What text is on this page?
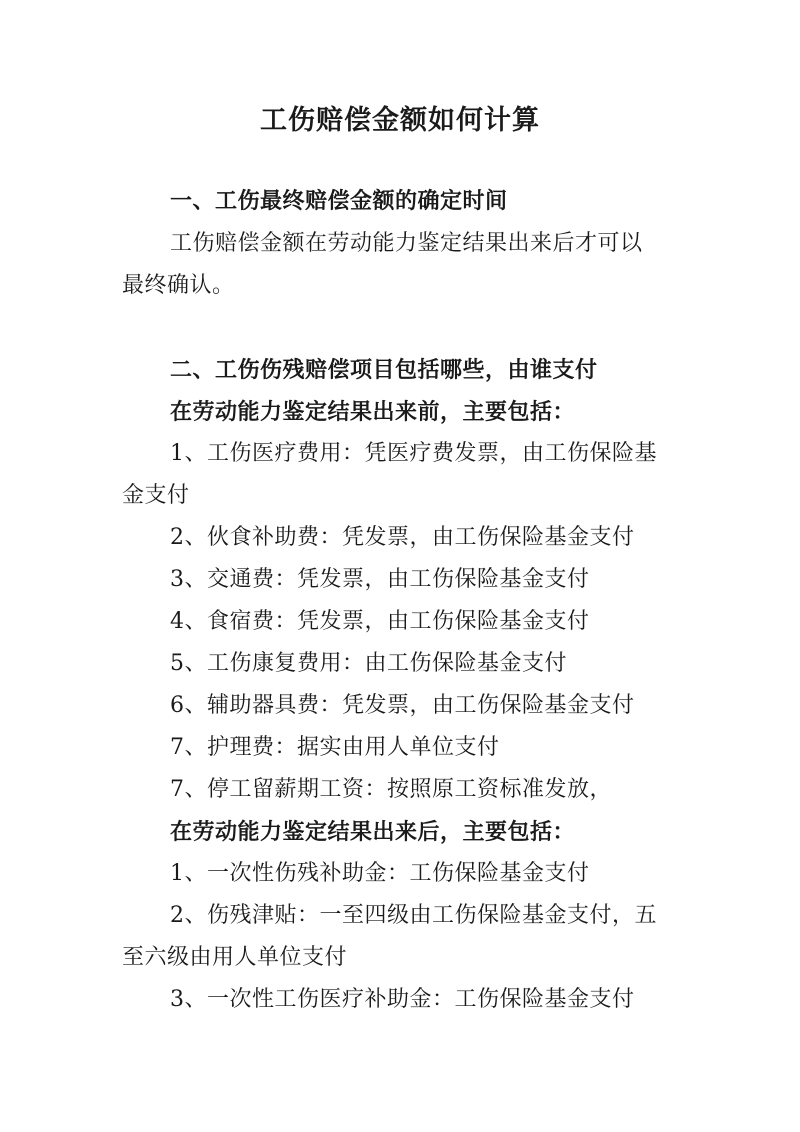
工伤赔偿金额如何计算
一、工伤最终赔偿金额的确定时间
工伤赔偿金额在劳动能力鉴定结果出来后才可以
最终确认。
二、工伤伤残赔偿项目包括哪些，由谁支付
在劳动能力鉴定结果出来前，主要包括：
1、工伤医疗费用：凭医疗费发票，由工伤保险基
金支付
2、伙食补助费：凭发票，由工伤保险基金支付
3、交通费：凭发票，由工伤保险基金支付
4、食宿费：凭发票，由工伤保险基金支付
5、工伤康复费用：由工伤保险基金支付
6、辅助器具费：凭发票，由工伤保险基金支付
7、护理费：据实由用人单位支付
7、停工留薪期工资：按照原工资标准发放，
在劳动能力鉴定结果出来后，主要包括：
1、一次性伤残补助金：工伤保险基金支付
2、伤残津贴：一至四级由工伤保险基金支付，五
至六级由用人单位支付
3、一次性工伤医疗补助金：工伤保险基金支付
